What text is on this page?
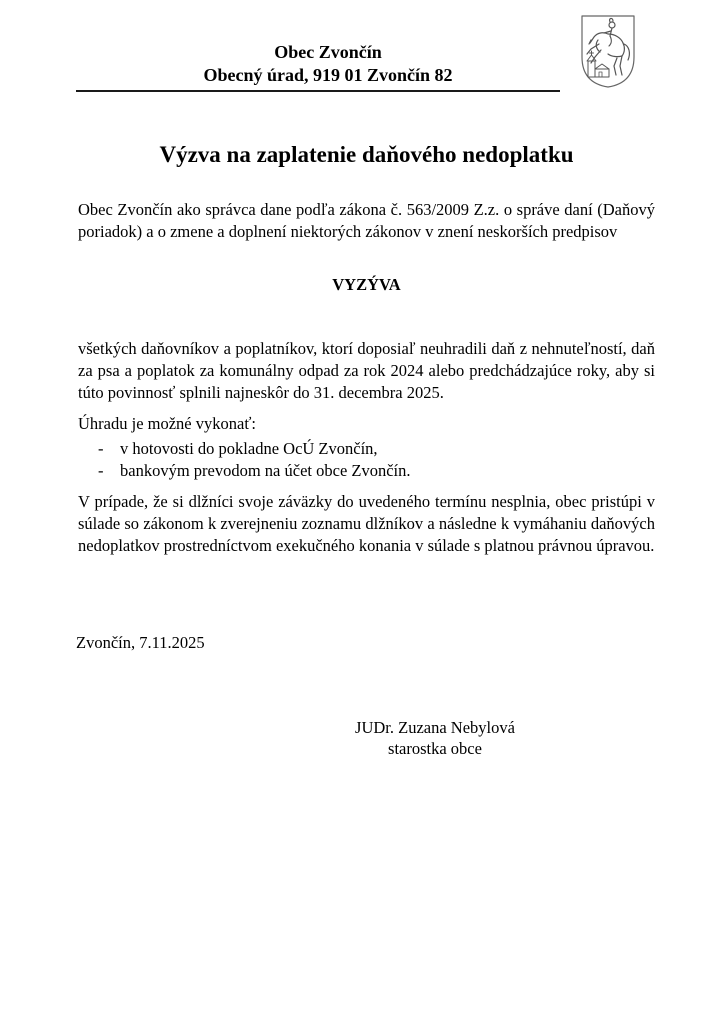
Obec Zvončín
Obecný úrad, 919 01 Zvončín 82
Výzva na zaplatenie daňového nedoplatku

Obec Zvončín ako správca dane podľa zákona č. 563/2009 Z.z. o správe daní (Daňový poriadok) a o zmene a doplnení niektorých zákonov v znení neskorších predpisov

VYZÝVA

všetkých daňovníkov a poplatníkov, ktorí doposiaľ neuhradili daň z nehnuteľností, daň za psa a poplatok za komunálny odpad za rok 2024 alebo predchádzajúce roky, aby si túto povinnosť splnili najneskôr do 31. decembra 2025.

Úhradu je možné vykonať:

-	v hotovosti do pokladne OcÚ Zvončín,
-	bankovým prevodom na účet obce Zvončín.

V prípade, že si dlžníci svoje záväzky do uvedeného termínu nesplnia, obec pristúpi v súlade so zákonom k zverejneniu zoznamu dlžníkov a následne k vymáhaniu daňových nedoplatkov prostredníctvom exekučného konania v súlade s platnou právnou úpravou.

Zvončín, 7.11.2025

JUDr. Zuzana Nebylová
starostka obce
